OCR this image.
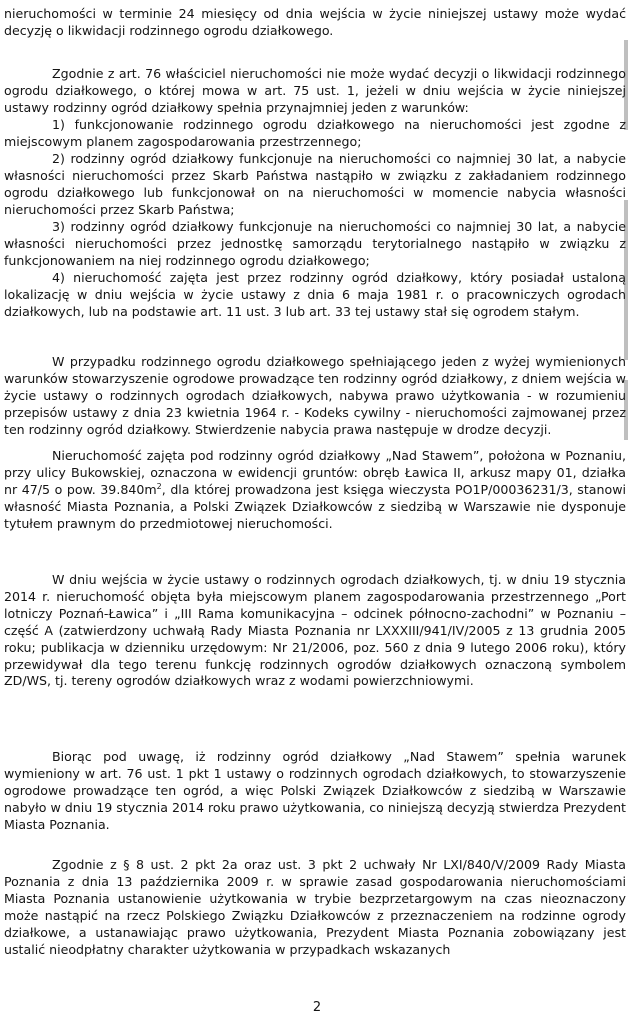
nieruchomości w terminie 24 miesięcy od dnia wejścia w życie niniejszej ustawy może wydać decyzję o likwidacji rodzinnego ogrodu działkowego.

Zgodnie z art. 76 właściciel nieruchomości nie może wydać decyzji o likwidacji rodzinnego ogrodu działkowego, o której mowa w art. 75 ust. 1, jeżeli w dniu wejścia w życie niniejszej ustawy rodzinny ogród działkowy spełnia przynajmniej jeden z warunków:

1) funkcjonowanie rodzinnego ogrodu działkowego na nieruchomości jest zgodne z miejscowym planem zagospodarowania przestrzennego;

2) rodzinny ogród działkowy funkcjonuje na nieruchomości co najmniej 30 lat, a nabycie własności nieruchomości przez Skarb Państwa nastąpiło w związku z zakładaniem rodzinnego ogrodu działkowego lub funkcjonował on na nieruchomości w momencie nabycia własności nieruchomości przez Skarb Państwa;

3) rodzinny ogród działkowy funkcjonuje na nieruchomości co najmniej 30 lat, a nabycie własności nieruchomości przez jednostkę samorządu terytorialnego nastąpiło w związku z funkcjonowaniem na niej rodzinnego ogrodu działkowego;

4) nieruchomość zajęta jest przez rodzinny ogród działkowy, który posiadał ustaloną lokalizację w dniu wejścia w życie ustawy z dnia 6 maja 1981 r. o pracowniczych ogrodach działkowych, lub na podstawie art. 11 ust. 3 lub art. 33 tej ustawy stał się ogrodem stałym.

W przypadku rodzinnego ogrodu działkowego spełniającego jeden z wyżej wymienionych warunków stowarzyszenie ogrodowe prowadzące ten rodzinny ogród działkowy, z dniem wejścia w życie ustawy o rodzinnych ogrodach działkowych, nabywa prawo użytkowania - w rozumieniu przepisów ustawy z dnia 23 kwietnia 1964 r. - Kodeks cywilny - nieruchomości zajmowanej przez ten rodzinny ogród działkowy. Stwierdzenie nabycia prawa następuje w drodze decyzji.

Nieruchomość zajęta pod rodzinny ogród działkowy „Nad Stawem”, położona w Poznaniu, przy ulicy Bukowskiej, oznaczona w ewidencji gruntów: obręb Ławica II, arkusz mapy 01, działka nr 47/5 o pow. $39.840m^2$, dla której prowadzona jest księga wieczysta PO1P/00036231/3, stanowi własność Miasta Poznania, a Polski Związek Działkowców z siedzibą w Warszawie nie dysponuje tytułem prawnym do przedmiotowej nieruchomości.

W dniu wejścia w życie ustawy o rodzinnych ogrodach działkowych, tj. w dniu 19 stycznia 2014 r. nieruchomość objęta była miejscowym planem zagospodarowania przestrzennego „Port lotniczy Poznań-Ławica” i „III Rama komunikacyjna – odcinek północno-zachodni” w Poznaniu – część A (zatwierdzony uchwałą Rady Miasta Poznania nr LXXXIII/941/IV/2005 z 13 grudnia 2005 roku; publikacja w dzienniku urzędowym: Nr 21/2006, poz. 560 z dnia 9 lutego 2006 roku), który przewidywał dla tego terenu funkcję rodzinnych ogrodów działkowych oznaczoną symbolem ZD/WS, tj. tereny ogrodów działkowych wraz z wodami powierzchniowymi.

Biorąc pod uwagę, iż rodzinny ogród działkowy „Nad Stawem” spełnia warunek wymieniony w art. 76 ust. 1 pkt 1 ustawy o rodzinnych ogrodach działkowych, to stowarzyszenie ogrodowe prowadzące ten ogród, a więc Polski Związek Działkowców z siedzibą w Warszawie nabyło w dniu 19 stycznia 2014 roku prawo użytkowania, co niniejszą decyzją stwierdza Prezydent Miasta Poznania.

Zgodnie z § 8 ust. 2 pkt 2a oraz ust. 3 pkt 2 uchwały Nr LXI/840/V/2009 Rady Miasta Poznania z dnia 13 października 2009 r. w sprawie zasad gospodarowania nieruchomościami Miasta Poznania ustanowienie użytkowania w trybie bezprzetargowym na czas nieoznaczony może nastąpić na rzecz Polskiego Związku Działkowców z przeznaczeniem na rodzinne ogrody działkowe, a ustanawiając prawo użytkowania, Prezydent Miasta Poznania zobowiązany jest ustalić nieodpłatny charakter użytkowania w przypadkach wskazanych

2
